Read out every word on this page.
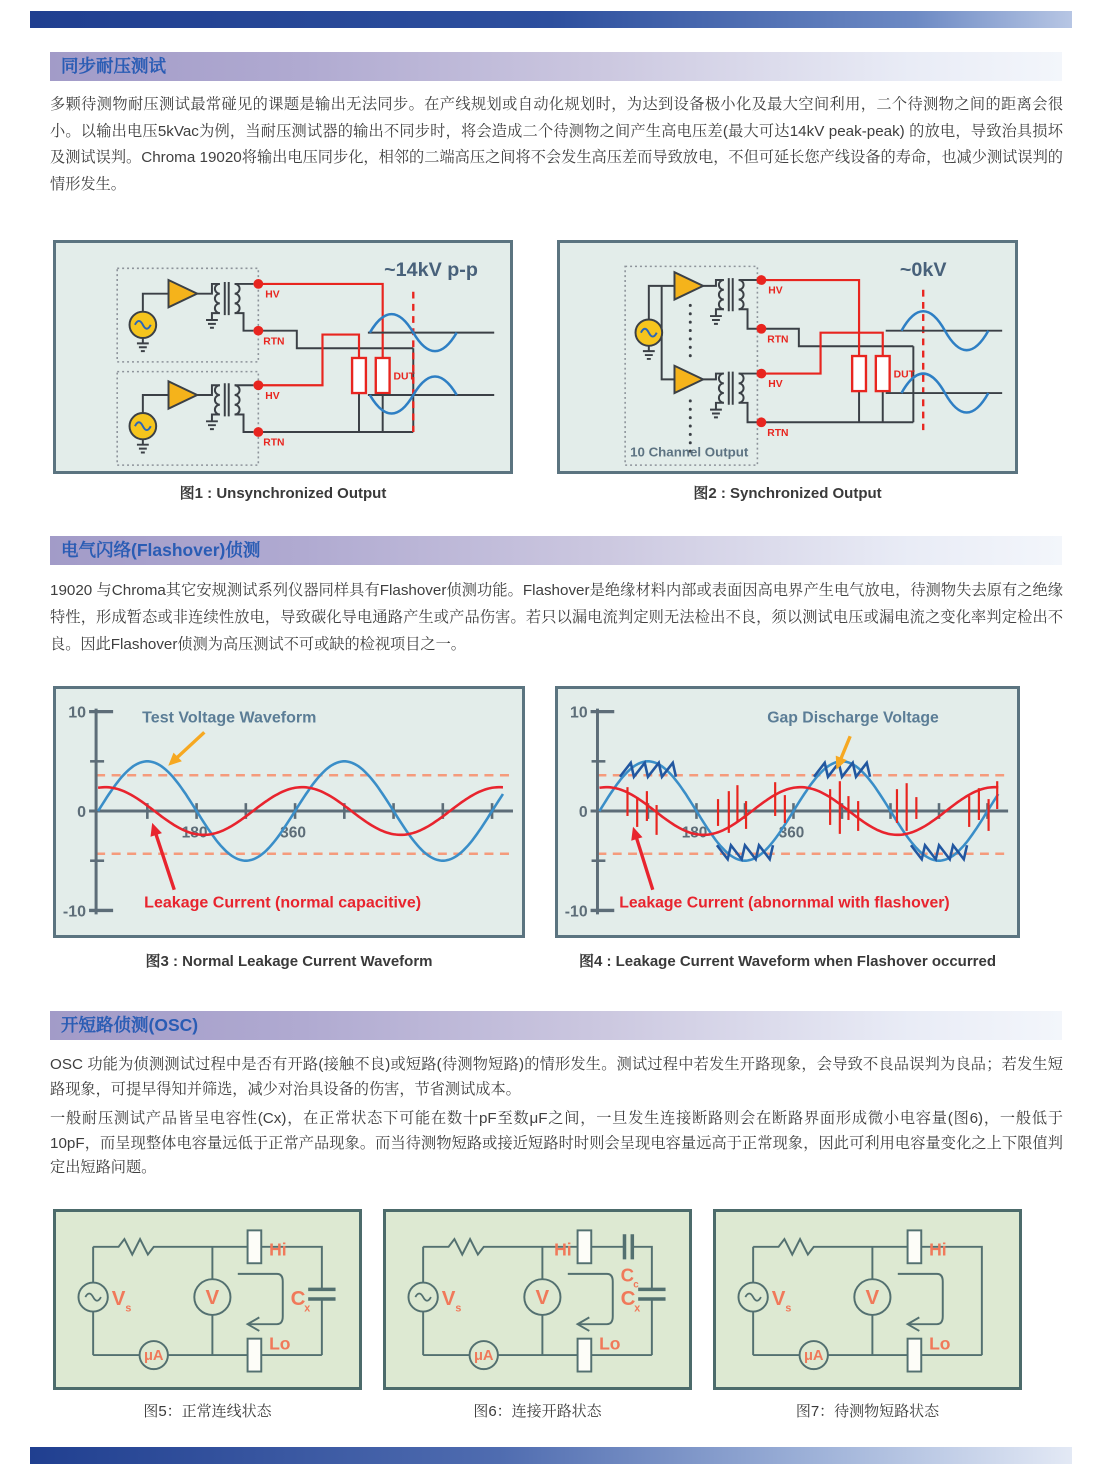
同步耐压测试
多颗待测物耐压测试最常碰见的课题是输出无法同步。在产线规划或自动化规划时，为达到设备极小化及最大空间利用，二个待测物之间的距离会很小。以输出电压5kVac为例，当耐压测试器的输出不同步时，将会造成二个待测物之间产生高电压差(最大可达14kV peak-peak) 的放电，导致治具损坏及测试误判。Chroma 19020将输出电压同步化，相邻的二端高压之间将不会发生高压差而导致放电，不但可延长您产线设备的寿命，也减少测试误判的情形发生。
HV
RTN
HV
RTN
DUT
~14kV p-p
HV
RTN
HV
RTN
DUT
10 Channel Output
~0kV
图1 : Unsynchronized Output	图2 : Synchronized Output
电气闪络(Flashover)侦测
19020 与Chroma其它安规测试系列仪器同样具有Flashover侦测功能。Flashover是绝缘材料内部或表面因高电界产生电气放电，待测物失去原有之绝缘特性，形成暂态或非连续性放电，导致碳化导电通路产生或产品伤害。若只以漏电流判定则无法检出不良，须以测试电压或漏电流之变化率判定检出不良。因此Flashover侦测为高压测试不可或缺的检视项目之一。
180	360
10
0
-10
Test Voltage Waveform
Leakage Current (normal capacitive)
180	360
10
0
-10
Gap Discharge Voltage
Leakage Current (abnornmal with flashover)
图3 : Normal Leakage Current Waveform	图4 : Leakage Current Waveform when Flashover occurred
开短路侦测(OSC)
OSC 功能为侦测测试过程中是否有开路(接触不良)或短路(待测物短路)的情形发生。测试过程中若发生开路现象，会导致不良品误判为良品；若发生短路现象，可提早得知并筛选，减少对治具设备的伤害，节省测试成本。
一般耐压测试产品皆呈电容性(Cx)，在正常状态下可能在数十pF至数μF之间，一旦发生连接断路则会在断路界面形成微小电容量(图6)，一般低于10pF，而呈现整体电容量远低于正常产品现象。而当待测物短路或接近短路时时则会呈现电容量远高于正常现象，因此可利用电容量变化之上下限值判定出短路问题。
V s	V
μA
Hi
Lo
C
x	V s	V
μA
Hi
Lo
C
x
C c
V s	V
μA
Hi
Lo
图5：正常连线状态	图6：连接开路状态	图7：待测物短路状态
